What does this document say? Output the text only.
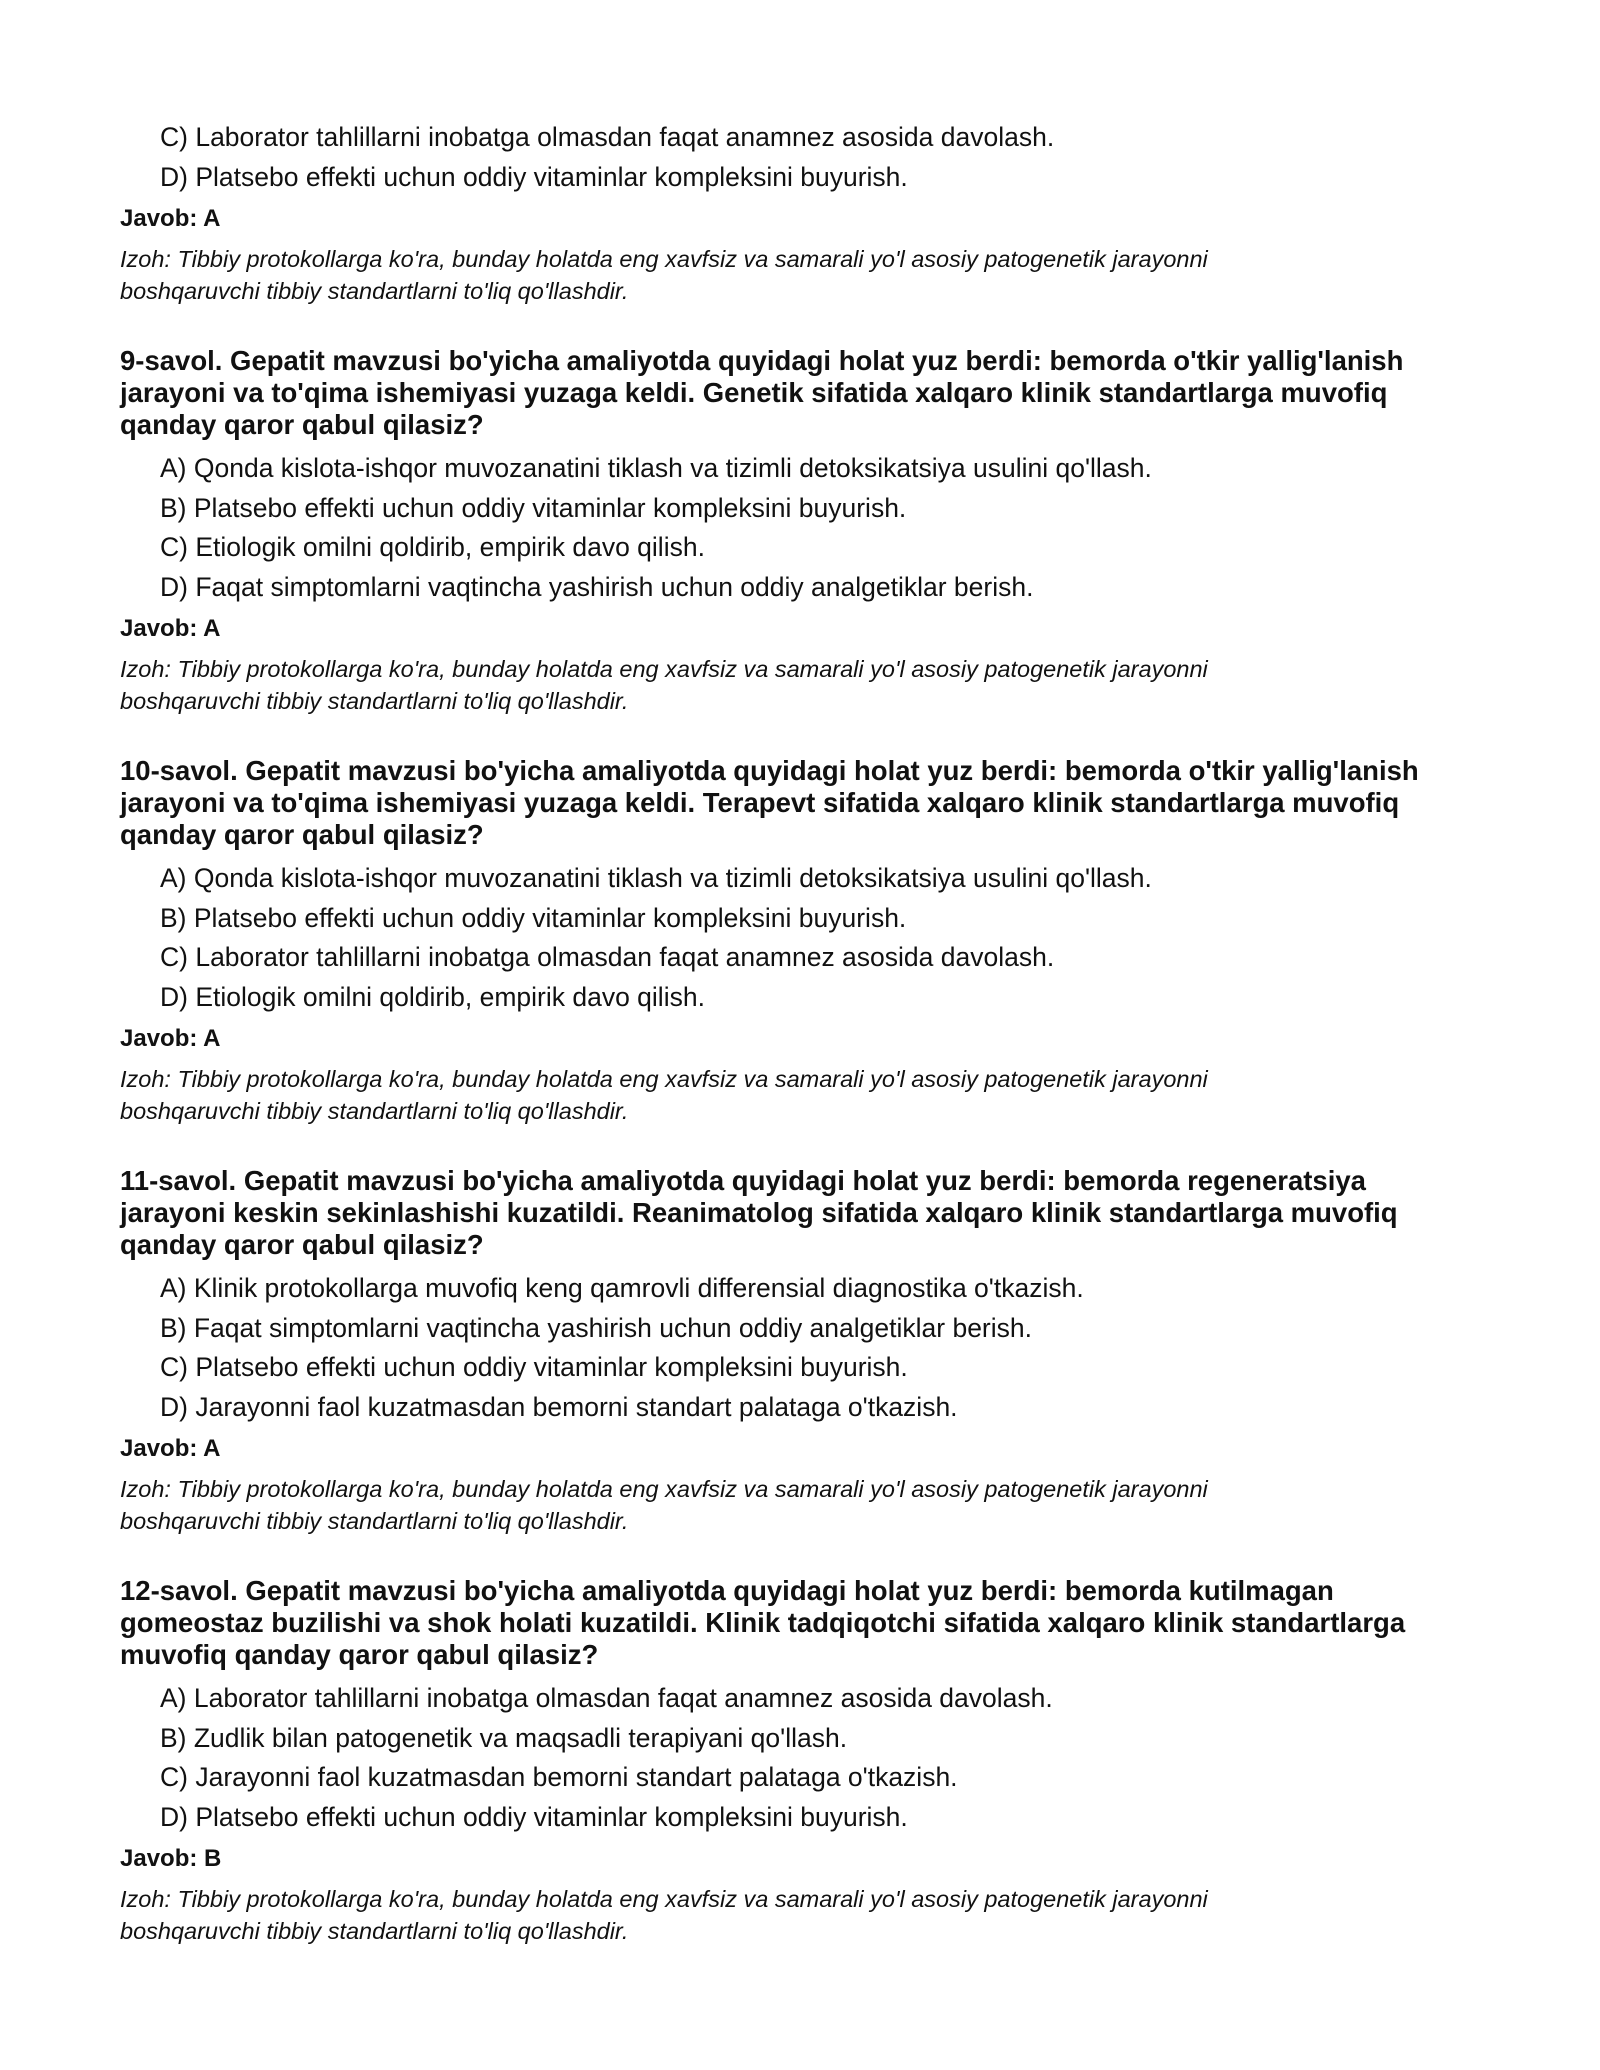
C) Laborator tahlillarni inobatga olmasdan faqat anamnez asosida davolash.

D) Platsebo effekti uchun oddiy vitaminlar kompleksini buyurish.

Javob: A
Izoh: Tibbiy protokollarga ko'ra, bunday holatda eng xavfsiz va samarali yo'l asosiy patogenetik jarayonni
boshqaruvchi tibbiy standartlarni to'liq qo'llashdir.
9-savol. Gepatit mavzusi bo'yicha amaliyotda quyidagi holat yuz berdi: bemorda o'tkir yallig'lanish
jarayoni va to'qima ishemiyasi yuzaga keldi. Genetik sifatida xalqaro klinik standartlarga muvofiq
qanday qaror qabul qilasiz?

A) Qonda kislota-ishqor muvozanatini tiklash va tizimli detoksikatsiya usulini qo'llash.

B) Platsebo effekti uchun oddiy vitaminlar kompleksini buyurish.

C) Etiologik omilni qoldirib, empirik davo qilish.

D) Faqat simptomlarni vaqtincha yashirish uchun oddiy analgetiklar berish.

Javob: A
Izoh: Tibbiy protokollarga ko'ra, bunday holatda eng xavfsiz va samarali yo'l asosiy patogenetik jarayonni
boshqaruvchi tibbiy standartlarni to'liq qo'llashdir.
10-savol. Gepatit mavzusi bo'yicha amaliyotda quyidagi holat yuz berdi: bemorda o'tkir yallig'lanish
jarayoni va to'qima ishemiyasi yuzaga keldi. Terapevt sifatida xalqaro klinik standartlarga muvofiq
qanday qaror qabul qilasiz?

A) Qonda kislota-ishqor muvozanatini tiklash va tizimli detoksikatsiya usulini qo'llash.

B) Platsebo effekti uchun oddiy vitaminlar kompleksini buyurish.

C) Laborator tahlillarni inobatga olmasdan faqat anamnez asosida davolash.

D) Etiologik omilni qoldirib, empirik davo qilish.

Javob: A
Izoh: Tibbiy protokollarga ko'ra, bunday holatda eng xavfsiz va samarali yo'l asosiy patogenetik jarayonni
boshqaruvchi tibbiy standartlarni to'liq qo'llashdir.
11-savol. Gepatit mavzusi bo'yicha amaliyotda quyidagi holat yuz berdi: bemorda regeneratsiya
jarayoni keskin sekinlashishi kuzatildi. Reanimatolog sifatida xalqaro klinik standartlarga muvofiq
qanday qaror qabul qilasiz?

A) Klinik protokollarga muvofiq keng qamrovli differensial diagnostika o'tkazish.

B) Faqat simptomlarni vaqtincha yashirish uchun oddiy analgetiklar berish.

C) Platsebo effekti uchun oddiy vitaminlar kompleksini buyurish.

D) Jarayonni faol kuzatmasdan bemorni standart palataga o'tkazish.

Javob: A
Izoh: Tibbiy protokollarga ko'ra, bunday holatda eng xavfsiz va samarali yo'l asosiy patogenetik jarayonni
boshqaruvchi tibbiy standartlarni to'liq qo'llashdir.
12-savol. Gepatit mavzusi bo'yicha amaliyotda quyidagi holat yuz berdi: bemorda kutilmagan
gomeostaz buzilishi va shok holati kuzatildi. Klinik tadqiqotchi sifatida xalqaro klinik standartlarga
muvofiq qanday qaror qabul qilasiz?

A) Laborator tahlillarni inobatga olmasdan faqat anamnez asosida davolash.

B) Zudlik bilan patogenetik va maqsadli terapiyani qo'llash.

C) Jarayonni faol kuzatmasdan bemorni standart palataga o'tkazish.

D) Platsebo effekti uchun oddiy vitaminlar kompleksini buyurish.

Javob: B
Izoh: Tibbiy protokollarga ko'ra, bunday holatda eng xavfsiz va samarali yo'l asosiy patogenetik jarayonni
boshqaruvchi tibbiy standartlarni to'liq qo'llashdir.
